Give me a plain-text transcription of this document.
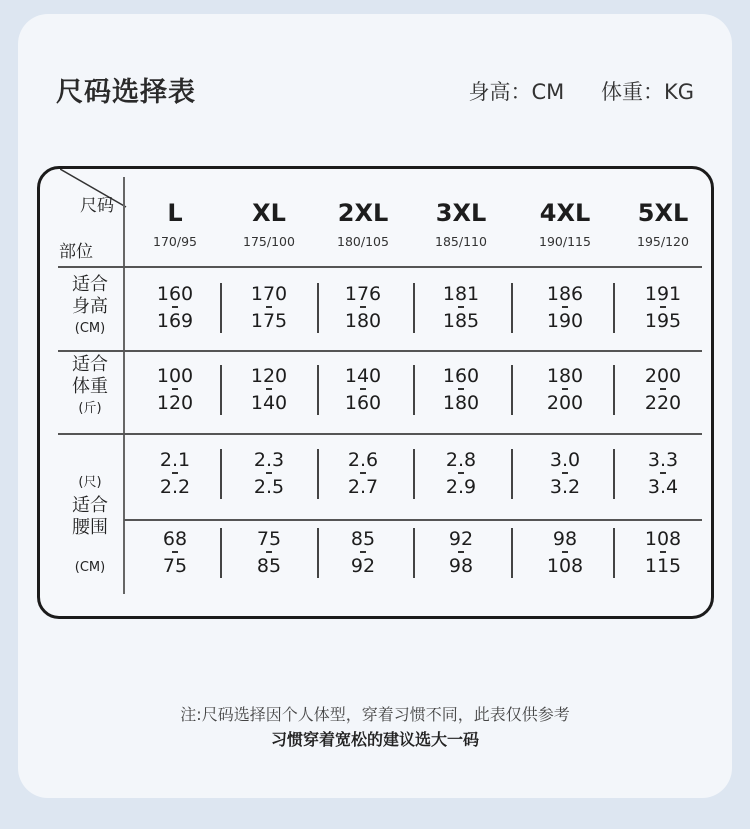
尺码选择表	身高：CM 体重：KG
尺码
部位
L
170/95
XL
175/100
2XL
180/105
3XL
185/110
4XL
190/115
5XL
195/120
适合
身高
(CM)
160
169
170
175
176
180
181
185
186
190
191
195
适合
体重
(斤)
100
120
120
140
140
160
160
180
180
200
200
220
(尺)
2.1
2.2
2.3
2.5
2.6
2.7
2.8
2.9
3.0
3.2
3.3
3.4
适合
腰围
(CM)
68
75
75
85
85
92
92
98
98
108
108
115
注:尺码选择因个人体型，穿着习惯不同，此表仅供参考
习惯穿着宽松的建议选大一码
